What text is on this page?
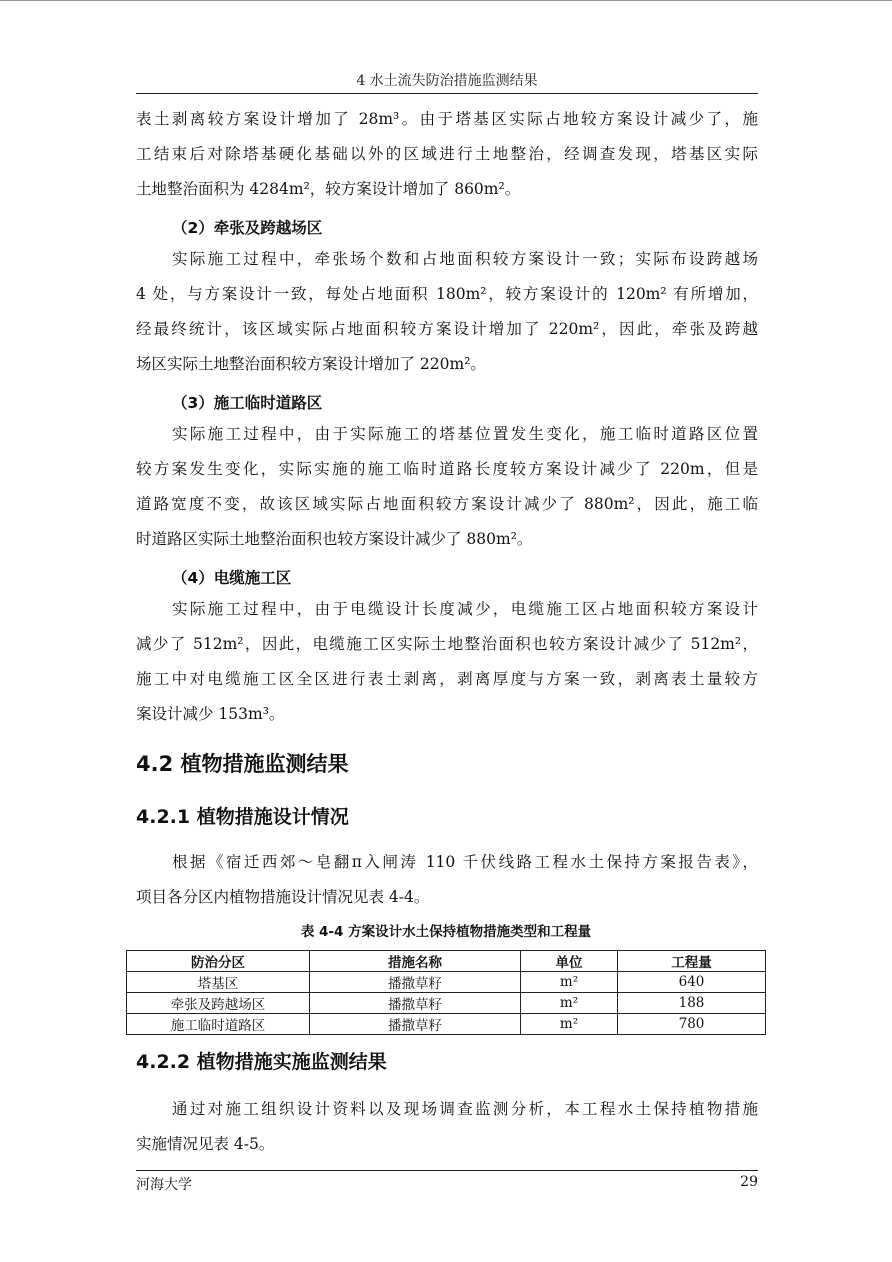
4 水土流失防治措施监测结果
表土剥离较方案设计增加了 28m³。由于塔基区实际占地较方案设计减少了，施
工结束后对除塔基硬化基础以外的区域进行土地整治，经调查发现，塔基区实际
土地整治面积为 4284m²，较方案设计增加了 860m²。
（2）牵张及跨越场区
实际施工过程中，牵张场个数和占地面积较方案设计一致；实际布设跨越场
4 处，与方案设计一致，每处占地面积 180m²，较方案设计的 120m² 有所增加，
经最终统计，该区域实际占地面积较方案设计增加了 220m²，因此，牵张及跨越
场区实际土地整治面积较方案设计增加了 220m²。
（3）施工临时道路区
实际施工过程中，由于实际施工的塔基位置发生变化，施工临时道路区位置
较方案发生变化，实际实施的施工临时道路长度较方案设计减少了 220m，但是
道路宽度不变，故该区域实际占地面积较方案设计减少了 880m²，因此，施工临
时道路区实际土地整治面积也较方案设计减少了 880m²。
（4）电缆施工区
实际施工过程中，由于电缆设计长度减少，电缆施工区占地面积较方案设计
减少了 512m²，因此，电缆施工区实际土地整治面积也较方案设计减少了 512m²，
施工中对电缆施工区全区进行表土剥离，剥离厚度与方案一致，剥离表土量较方
案设计减少 153m³。
4.2 植物措施监测结果
4.2.1 植物措施设计情况
根据《宿迁西郊～皂翻π入闸涛 110 千伏线路工程水土保持方案报告表》，
项目各分区内植物措施设计情况见表 4-4。
表 4-4 方案设计水土保持植物措施类型和工程量
防治分区	措施名称	单位	工程量
塔基区	播撒草籽	m²	640
牵张及跨越场区	播撒草籽	m²	188
施工临时道路区	播撒草籽	m²	780
4.2.2 植物措施实施监测结果
通过对施工组织设计资料以及现场调查监测分析，本工程水土保持植物措施
实施情况见表 4-5。
河海大学	29
